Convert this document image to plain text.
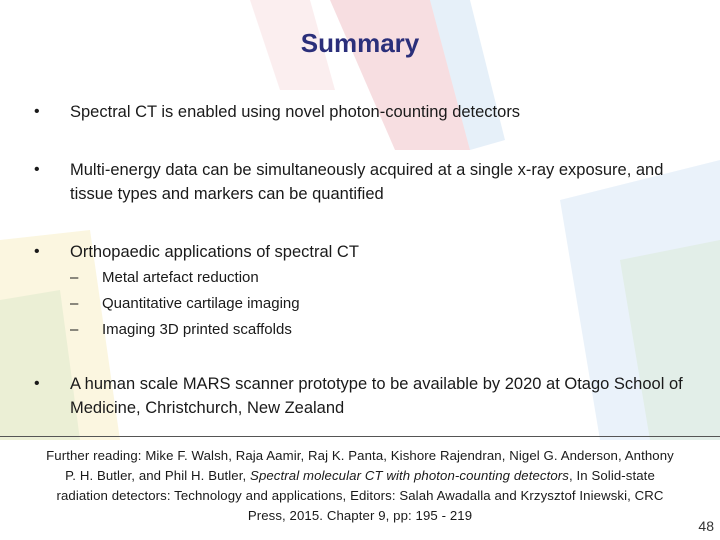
Summary
•	Spectral CT is enabled using novel photon-counting detectors
•	Multi-energy data can be simultaneously acquired at a single x-ray exposure, and tissue types and markers can be quantified
•	Orthopaedic applications of spectral CT
–	Metal artefact reduction
–	Quantitative cartilage imaging
–	Imaging 3D printed scaffolds
•	A human scale MARS scanner prototype to be available by 2020 at Otago School of Medicine, Christchurch, New Zealand
Further reading: Mike F. Walsh, Raja Aamir, Raj K. Panta, Kishore Rajendran, Nigel G. Anderson, Anthony P. H. Butler, and Phil H. Butler, Spectral molecular CT with photon-counting detectors, In Solid-state radiation detectors: Technology and applications, Editors: Salah Awadalla and Krzysztof Iniewski, CRC Press, 2015. Chapter 9, pp: 195 - 219
48
